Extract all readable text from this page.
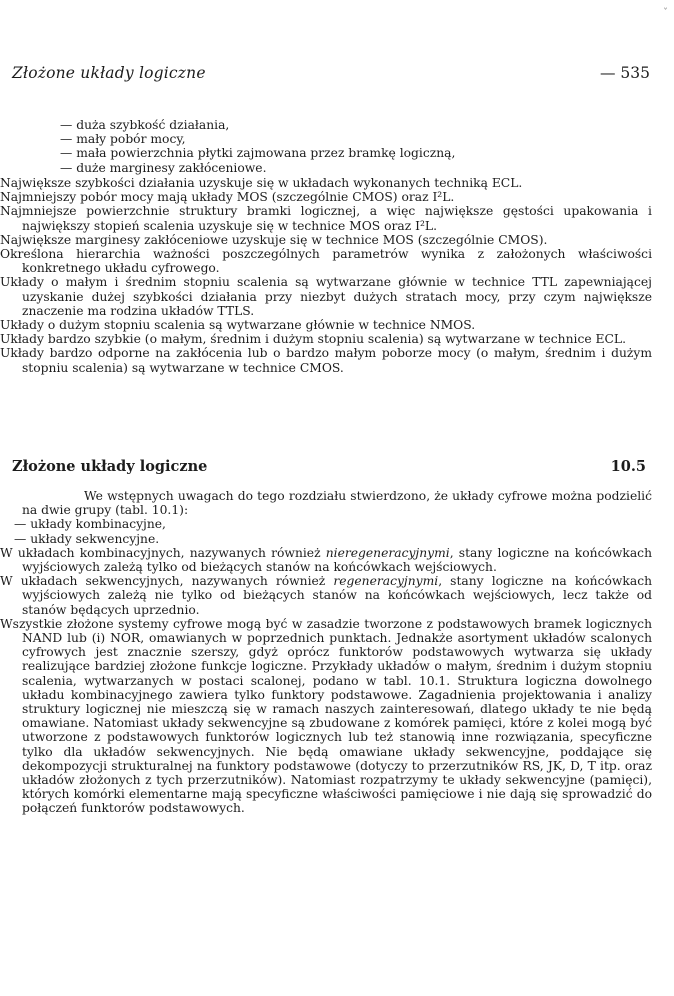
ˇ
Złożone układy logiczne	— 535

— duża szybkość działania,

— mały pobór mocy,

— mała powierzchnia płytki zajmowana przez bramkę logiczną,

— duże marginesy zakłóceniowe.

Największe szybkości działania uzyskuje się w układach wykonanych techniką ECL.

Najmniejszy pobór mocy mają układy MOS (szczególnie CMOS) oraz I²L.

Najmniejsze powierzchnie struktury bramki logicznej, a więc największe gęstości upakowania i największy stopień scalenia uzyskuje się w technice MOS oraz I²L.

Największe marginesy zakłóceniowe uzyskuje się w technice MOS (szczególnie CMOS).

Określona hierarchia ważności poszczególnych parametrów wynika z założonych właściwości konkretnego układu cyfrowego.

Układy o małym i średnim stopniu scalenia są wytwarzane głównie w technice TTL zapewniającej uzyskanie dużej szybkości działania przy niezbyt dużych stratach mocy, przy czym największe znaczenie ma rodzina układów TTLS.

Układy o dużym stopniu scalenia są wytwarzane głównie w technice NMOS.

Układy bardzo szybkie (o małym, średnim i dużym stopniu scalenia) są wytwarzane w technice ECL.

Układy bardzo odporne na zakłócenia lub o bardzo małym poborze mocy (o małym, średnim i dużym stopniu scalenia) są wytwarzane w technice CMOS.

Złożone układy logiczne	10.5

We wstępnych uwagach do tego rozdziału stwierdzono, że układy cyfrowe można podzielić na dwie grupy (tabl. 10.1):

— układy kombinacyjne,

— układy sekwencyjne.

W układach kombinacyjnych, nazywanych również nieregeneracyjnymi, stany logiczne na końcówkach wyjściowych zależą tylko od bieżących stanów na końcówkach wejściowych.

W układach sekwencyjnych, nazywanych również regeneracyjnymi, stany logiczne na końcówkach wyjściowych zależą nie tylko od bieżących stanów na końcówkach wejściowych, lecz także od stanów będących uprzednio.

Wszystkie złożone systemy cyfrowe mogą być w zasadzie tworzone z podstawowych bramek logicznych NAND lub (i) NOR, omawianych w poprzednich punktach. Jednakże asortyment układów scalonych cyfrowych jest znacznie szerszy, gdyż oprócz funktorów podstawowych wytwarza się układy realizujące bardziej złożone funkcje logiczne. Przykłady układów o małym, średnim i dużym stopniu scalenia, wytwarzanych w postaci scalonej, podano w tabl. 10.1. Struktura logiczna dowolnego układu kombinacyjnego zawiera tylko funktory podstawowe. Zagadnienia projektowania i analizy struktury logicznej nie mieszczą się w ramach naszych zainteresowań, dlatego układy te nie będą omawiane. Natomiast układy sekwencyjne są zbudowane z komórek pamięci, które z kolei mogą być utworzone z podstawowych funktorów logicznych lub też stanowią inne rozwiązania, specyficzne tylko dla układów sekwencyjnych. Nie będą omawiane układy sekwencyjne, poddające się dekompozycji strukturalnej na funktory podstawowe (dotyczy to przerzutników RS, JK, D, T itp. oraz układów złożonych z tych przerzutników). Natomiast rozpatrzymy te układy sekwencyjne (pamięci), których komórki elementarne mają specyficzne właściwości pamięciowe i nie dają się sprowadzić do połączeń funktorów podstawowych.
